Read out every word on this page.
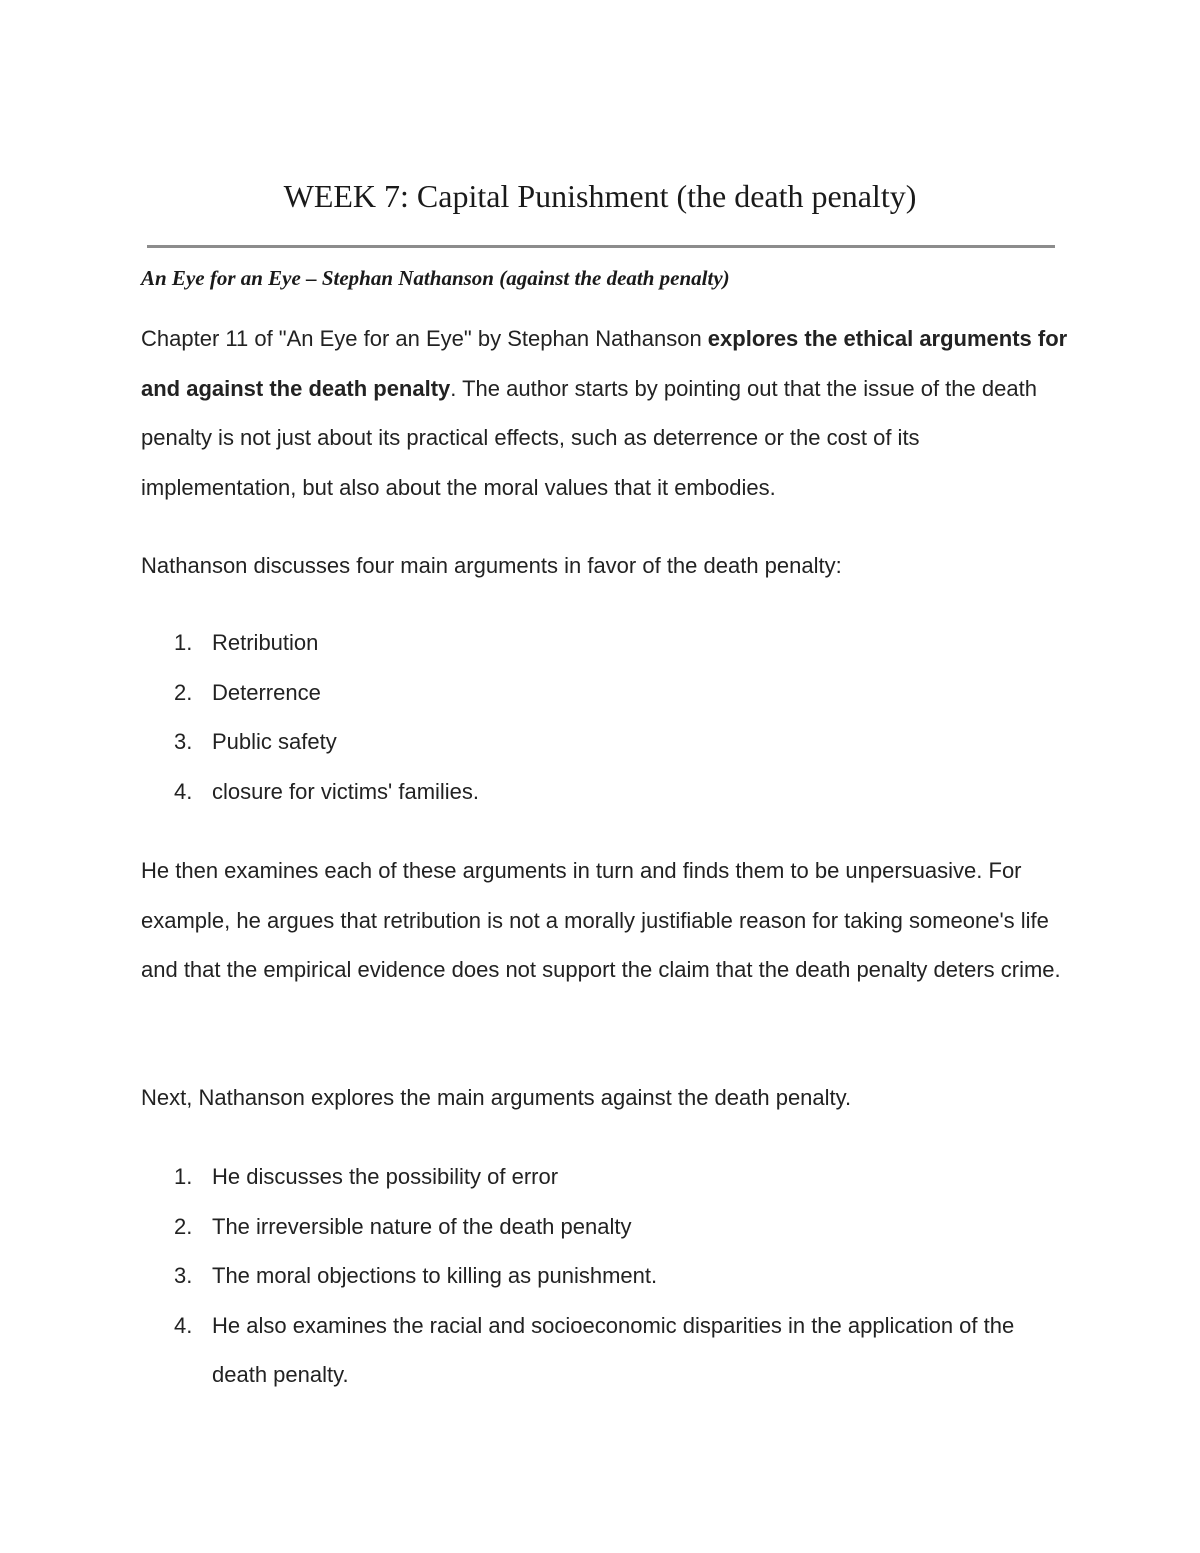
WEEK 7: Capital Punishment (the death penalty)
An Eye for an Eye – Stephan Nathanson (against the death penalty)

Chapter 11 of "An Eye for an Eye" by Stephan Nathanson explores the ethical arguments for and against the death penalty. The author starts by pointing out that the issue of the death penalty is not just about its practical effects, such as deterrence or the cost of its implementation, but also about the moral values that it embodies.

Nathanson discusses four main arguments in favor of the death penalty:

1. Retribution
2. Deterrence
3. Public safety
4. closure for victims' families.

He then examines each of these arguments in turn and finds them to be unpersuasive. For example, he argues that retribution is not a morally justifiable reason for taking someone's life and that the empirical evidence does not support the claim that the death penalty deters crime.

Next, Nathanson explores the main arguments against the death penalty.

1. He discusses the possibility of error
2. The irreversible nature of the death penalty
3. The moral objections to killing as punishment.
4. He also examines the racial and socioeconomic disparities in the application of the death penalty.
